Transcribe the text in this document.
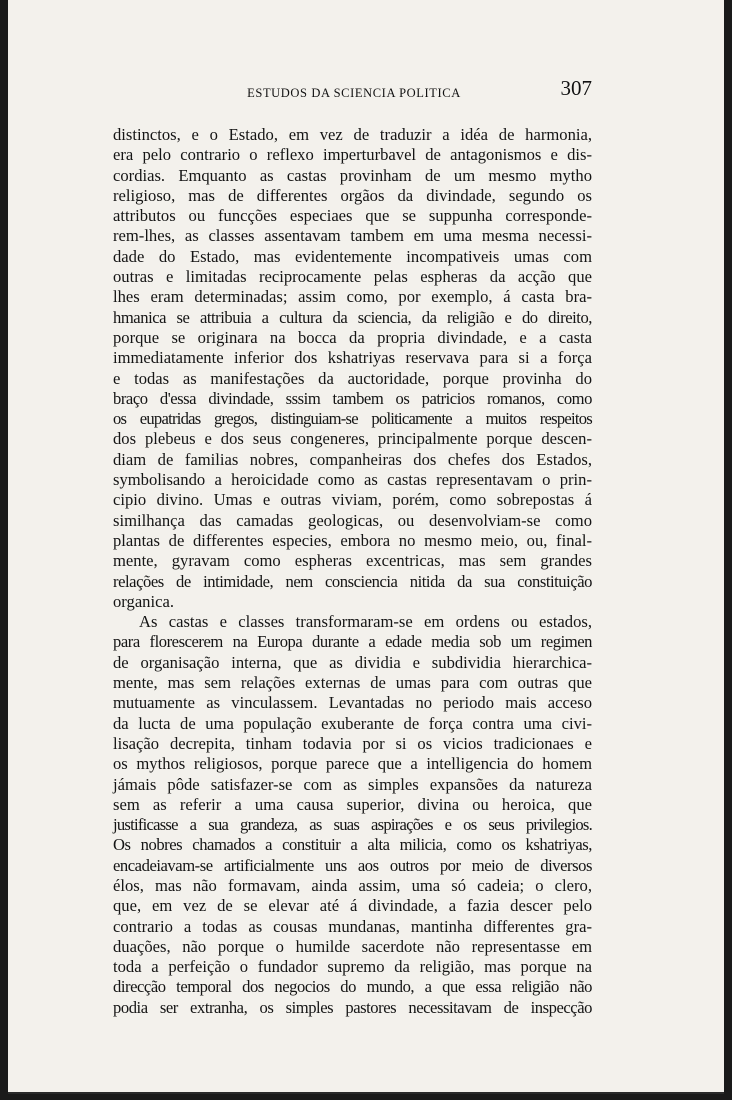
ESTUDOS DA SCIENCIA POLITICA	307
distinctos, e o Estado, em vez de traduzir a idéa de harmonia,
era pelo contrario o reflexo imperturbavel de antagonismos e dis-
cordias. Emquanto as castas provinham de um mesmo mytho
religioso, mas de differentes orgãos da divindade, segundo os
attributos ou funcções especiaes que se suppunha corresponde-
rem-lhes, as classes assentavam tambem em uma mesma necessi-
dade do Estado, mas evidentemente incompativeis umas com
outras e limitadas reciprocamente pelas espheras da acção que
lhes eram determinadas; assim como, por exemplo, á casta bra-
hmanica se attribuia a cultura da sciencia, da religião e do direito,
porque se originara na bocca da propria divindade, e a casta
immediatamente inferior dos kshatriyas reservava para si a força
e todas as manifestações da auctoridade, porque provinha do
braço d'essa divindade, sssim tambem os patricios romanos, como
os eupatridas gregos, distinguiam-se politicamente a muitos respeitos
dos plebeus e dos seus congeneres, principalmente porque descen-
diam de familias nobres, companheiras dos chefes dos Estados,
symbolisando a heroicidade como as castas representavam o prin-
cipio divino. Umas e outras viviam, porém, como sobrepostas á
similhança das camadas geologicas, ou desenvolviam-se como
plantas de differentes especies, embora no mesmo meio, ou, final-
mente, gyravam como espheras excentricas, mas sem grandes
relações de intimidade, nem consciencia nitida da sua constituição
organica.
As castas e classes transformaram-se em ordens ou estados,
para florescerem na Europa durante a edade media sob um regimen
de organisação interna, que as dividia e subdividia hierarchica-
mente, mas sem relações externas de umas para com outras que
mutuamente as vinculassem. Levantadas no periodo mais acceso
da lucta de uma população exuberante de força contra uma civi-
lisação decrepita, tinham todavia por si os vicios tradicionaes e
os mythos religiosos, porque parece que a intelligencia do homem
jámais pôde satisfazer-se com as simples expansões da natureza
sem as referir a uma causa superior, divina ou heroica, que
justificasse a sua grandeza, as suas aspirações e os seus privilegios.
Os nobres chamados a constituir a alta milicia, como os kshatriyas,
encadeiavam-se artificialmente uns aos outros por meio de diversos
élos, mas não formavam, ainda assim, uma só cadeia; o clero,
que, em vez de se elevar até á divindade, a fazia descer pelo
contrario a todas as cousas mundanas, mantinha differentes gra-
duações, não porque o humilde sacerdote não representasse em
toda a perfeição o fundador supremo da religião, mas porque na
direcção temporal dos negocios do mundo, a que essa religião não
podia ser extranha, os simples pastores necessitavam de inspecção
